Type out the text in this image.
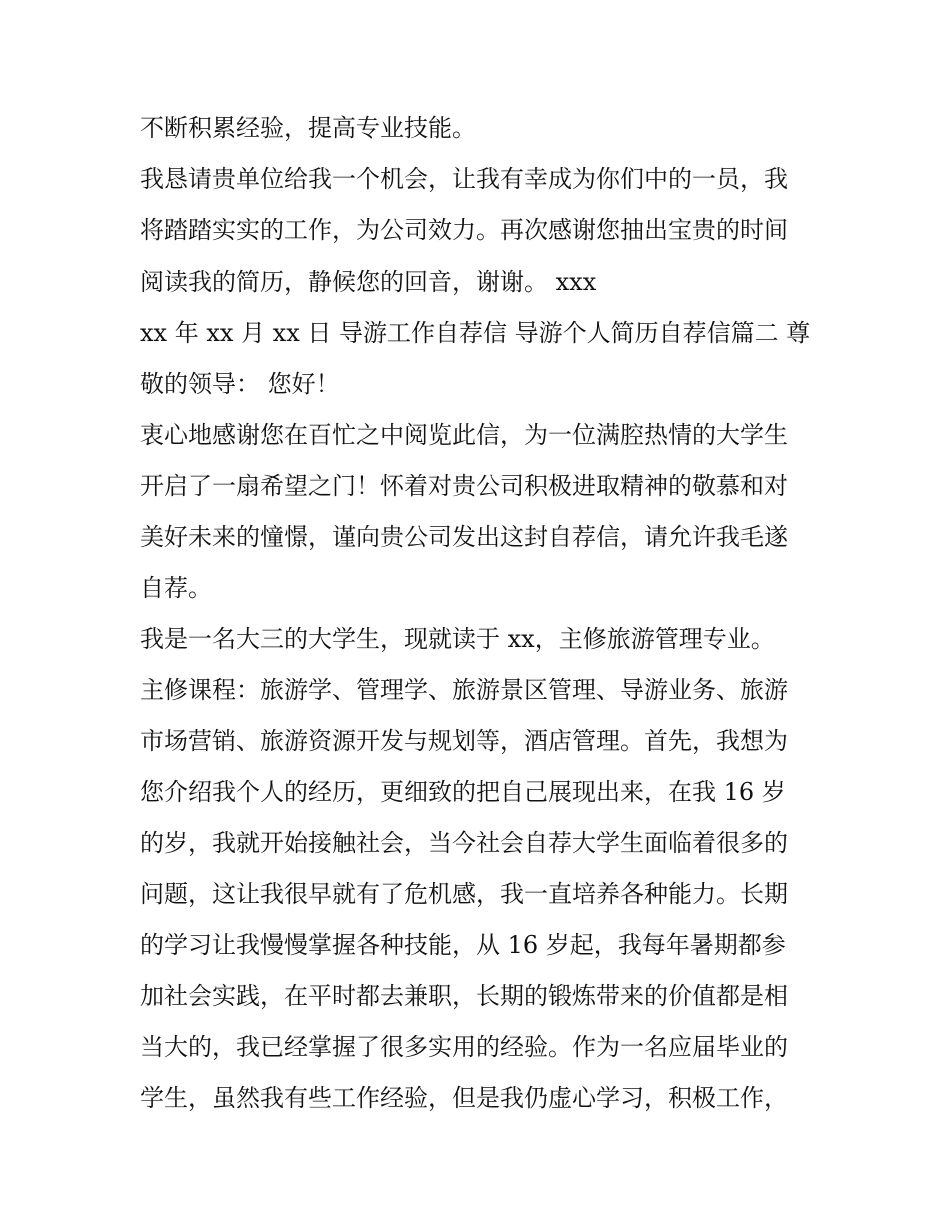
不断积累经验，提高专业技能。

我恳请贵单位给我一个机会，让我有幸成为你们中的一员，我

将踏踏实实的工作，为公司效力。再次感谢您抽出宝贵的时间

阅读我的简历，静候您的回音，谢谢。 xxx

xx 年 xx 月 xx 日 导游工作自荐信 导游个人简历自荐信篇二 尊

敬的领导： 您好！

衷心地感谢您在百忙之中阅览此信，为一位满腔热情的大学生

开启了一扇希望之门！怀着对贵公司积极进取精神的敬慕和对

美好未来的憧憬，谨向贵公司发出这封自荐信，请允许我毛遂

自荐。

我是一名大三的大学生，现就读于 xx，主修旅游管理专业。

主修课程：旅游学、管理学、旅游景区管理、导游业务、旅游

市场营销、旅游资源开发与规划等，酒店管理。首先，我想为

您介绍我个人的经历，更细致的把自己展现出来，在我 16 岁

的岁，我就开始接触社会，当今社会自荐大学生面临着很多的

问题，这让我很早就有了危机感，我一直培养各种能力。长期

的学习让我慢慢掌握各种技能，从 16 岁起，我每年暑期都参

加社会实践，在平时都去兼职，长期的锻炼带来的价值都是相

当大的，我已经掌握了很多实用的经验。作为一名应届毕业的

学生，虽然我有些工作经验，但是我仍虚心学习，积极工作，
